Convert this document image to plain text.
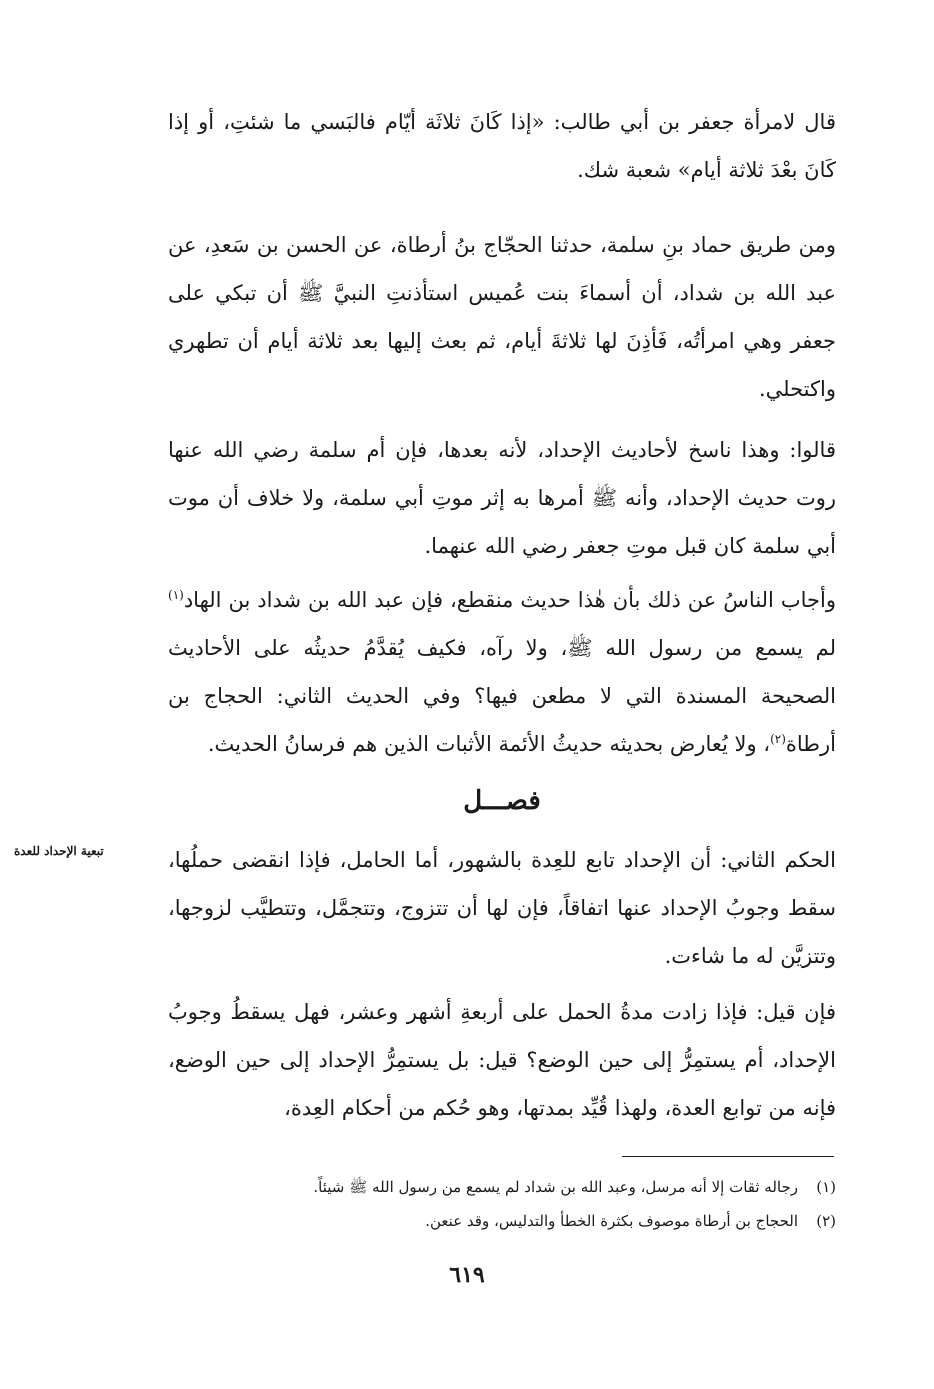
قال لامرأة جعفر بن أبي طالب: «إذا كَانَ ثلاثَة أيّام فالبَسي ما شئتِ، أو إذا كَانَ بعْدَ ثلاثة أيام» شعبة شك.

ومن طريق حماد بنِ سلمة، حدثنا الحجّاج بنُ أرطاة، عن الحسن بن سَعدِ، عن عبد الله بن شداد، أن أسماءَ بنت عُميس استأذنتِ النبيَّ ﷺ أن تبكي على جعفر وهي امرأتُه، فَأذِنَ لها ثلاثةَ أيام، ثم بعث إليها بعد ثلاثة أيام أن تطهري واكتحلي.

قالوا: وهذا ناسخ لأحاديث الإحداد، لأنه بعدها، فإن أم سلمة رضي الله عنها روت حديث الإحداد، وأنه ﷺ أمرها به إثر موتِ أبي سلمة، ولا خلاف أن موت أبي سلمة كان قبل موتِ جعفر رضي الله عنهما.

وأجاب الناسُ عن ذلك بأن هٰذا حديث منقطع، فإن عبد الله بن شداد بن الهاد$^{(١)}$ لم يسمع من رسول الله ﷺ، ولا رآه، فكيف يُقدَّمُ حديثُه على الأحاديث الصحيحة المسندة التي لا مطعن فيها؟ وفي الحديث الثاني: الحجاج بن أرطاة$^{(٢)}$، ولا يُعارض بحديثه حديثُ الأئمة الأثبات الذين هم فرسانُ الحديث.

فصـــل
تبعية الإحداد للعدة	الحكم الثاني: أن الإحداد تابع للعِدة بالشهور، أما الحامل، فإذا انقضى حملُها، سقط وجوبُ الإحداد عنها اتفاقاً، فإن لها أن تتزوج، وتتجمَّل، وتتطيَّب لزوجها، وتتزيَّن له ما شاءت.

فإن قيل: فإذا زادت مدةُ الحمل على أربعةِ أشهر وعشر، فهل يسقطُ وجوبُ الإحداد، أم يستمِرُّ إلى حين الوضع؟ قيل: بل يستمِرُّ الإحداد إلى حين الوضع، فإنه من توابع العدة، ولهذا قُيِّد بمدتها، وهو حُكم من أحكام العِدة،

(١)رجاله ثقات إلا أنه مرسل، وعبد الله بن شداد لم يسمع من رسول الله ﷺ شيئاً.

(٢)الحجاج بن أرطاة موصوف بكثرة الخطأ والتدليس، وقد عنعن.

٦١٩
